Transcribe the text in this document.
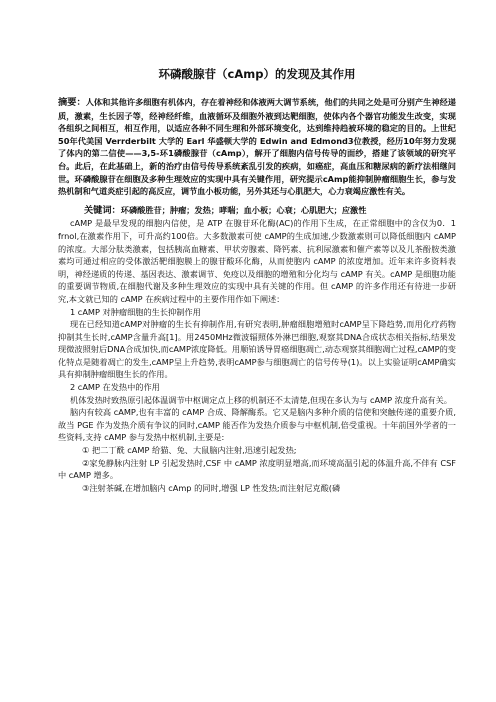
环磷酸腺苷（cAmp）的发现及其作用

摘要：人体和其他许多细胞有机体内，存在着神经和体液两大调节系统，他们的共同之处是可分别产生神经递质，激素，生长因子等，经神经纤维，血液循环及细胞外液到达靶细胞，使体内各个器官功能发生改变，实现各组织之间相互，相互作用，以适应各种不同生理和外部环境变化，达到维持趋被环境的稳定的目的。上世纪50年代美国 Verrderbilt 大学的 Earl 华盛顿大学的 Edwin and Edmond3位教授，经历10年努力发现了体内的第二信使——3,5-环1磷酸腺苷（cAmp），解开了细胞内信号传导的面纱，搭建了该领域的研究平台。此后，在此基础上，新的治疗由信号传导系统紊乱引发的疾病，如癌症，高血压和糖尿病的新疗法相继问世。环磷酸腺苷在细胞及多种生理效应的实现中具有关键作用，研究提示cAmp能抑制肿瘤细胞生长，参与发热机制和气道炎症引起的高反应，调节血小板功能，另外其还与心肌肥大，心力衰竭应激性有关。

关键词：环磷酸胜苷；肿瘤；发热；哮喘；血小板；心衰；心肌肥大；应激性

cAMP 是最早发现的细胞内信使，是 ATP 在腺苷环化酶(AC)的作用下生成，在正常细胞中的含仅为0．1 frnol,在激素作用下，可升高约100倍。大多数激素可使 cAMP的生成加速,少数激素则可以降低细胞内 cAMP的浓度。大部分肽类激素，包括胰高血糖素、甲状旁腺素、降钙素、抗利尿激素和催产素等以及儿茶酚胺类激素均可通过相应的受体激活靶细胞膜上的腺苷酸环化酶，从而使胞内 cAMP 的浓度增加。近年来许多资料表明，神经递质的传递、基因表达、激素调节、免疫以及细胞的增殖和分化均与 cAMP 有关。cAMP 是细胞功能的重要调节物质,在细胞代谢及多种生理效应的实现中具有关键的作用。但 cAMP 的许多作用还有待进一步研究,本文就已知的 cAMP 在疾病过程中的主要作用作如下阐述：

1 cAMP 对肿瘤细胞的生长抑制作用

现在已经知道cAMP对肿瘤的生长有抑制作用,有研究表明,肿瘤细胞增殖时cAMP呈下降趋势,而用化疗药物抑制其生长时,cAMP含量升高[1]。用2450MHz微波辐照体外淋巴细胞,观察其DNA合成状态相关指标,结果发现微波照射后DNA合成加快,而cAMP浓度降低。用顺铂诱导胃癌细胞凋亡,动态观察其细胞凋亡过程,cAMP的变化特点是随着凋亡的发生,cAMP呈上升趋势,表明cAMP参与细胞凋亡的信号传导(1)。以上实验证明cAMP确实具有抑制肿瘤细胞生长的作用。

2 cAMP 在发热中的作用

机体发热时致热原引起体温调节中枢调定点上移的机制还不太清楚,但现在多认为与 cAMP 浓度升高有关。

脑内有较高 cAMP,也有丰富的 cAMP 合成、降解酶系。它又是脑内多种介质的信使和突触传递的重要介质,故当 PGE 作为发热介质有争议的同时,cAMP 能否作为发热介质参与中枢机制,倍受重视。十年前国外学者的一些资料,支持 cAMP 参与发热中枢机制,主要是:

① 把二丁酰 cAMP 给猫、兔、大鼠脑内注射,迅速引起发热;

②家兔静脉内注射 LP 引起发热时,CSF 中 cAMP 浓度明显增高,而环境高温引起的体温升高,不伴有 CSF 中 cAMP 增多。

③注射茶碱,在增加脑内 cAmp 的同时,增强 LP 性发热;而注射尼克酸(磷
